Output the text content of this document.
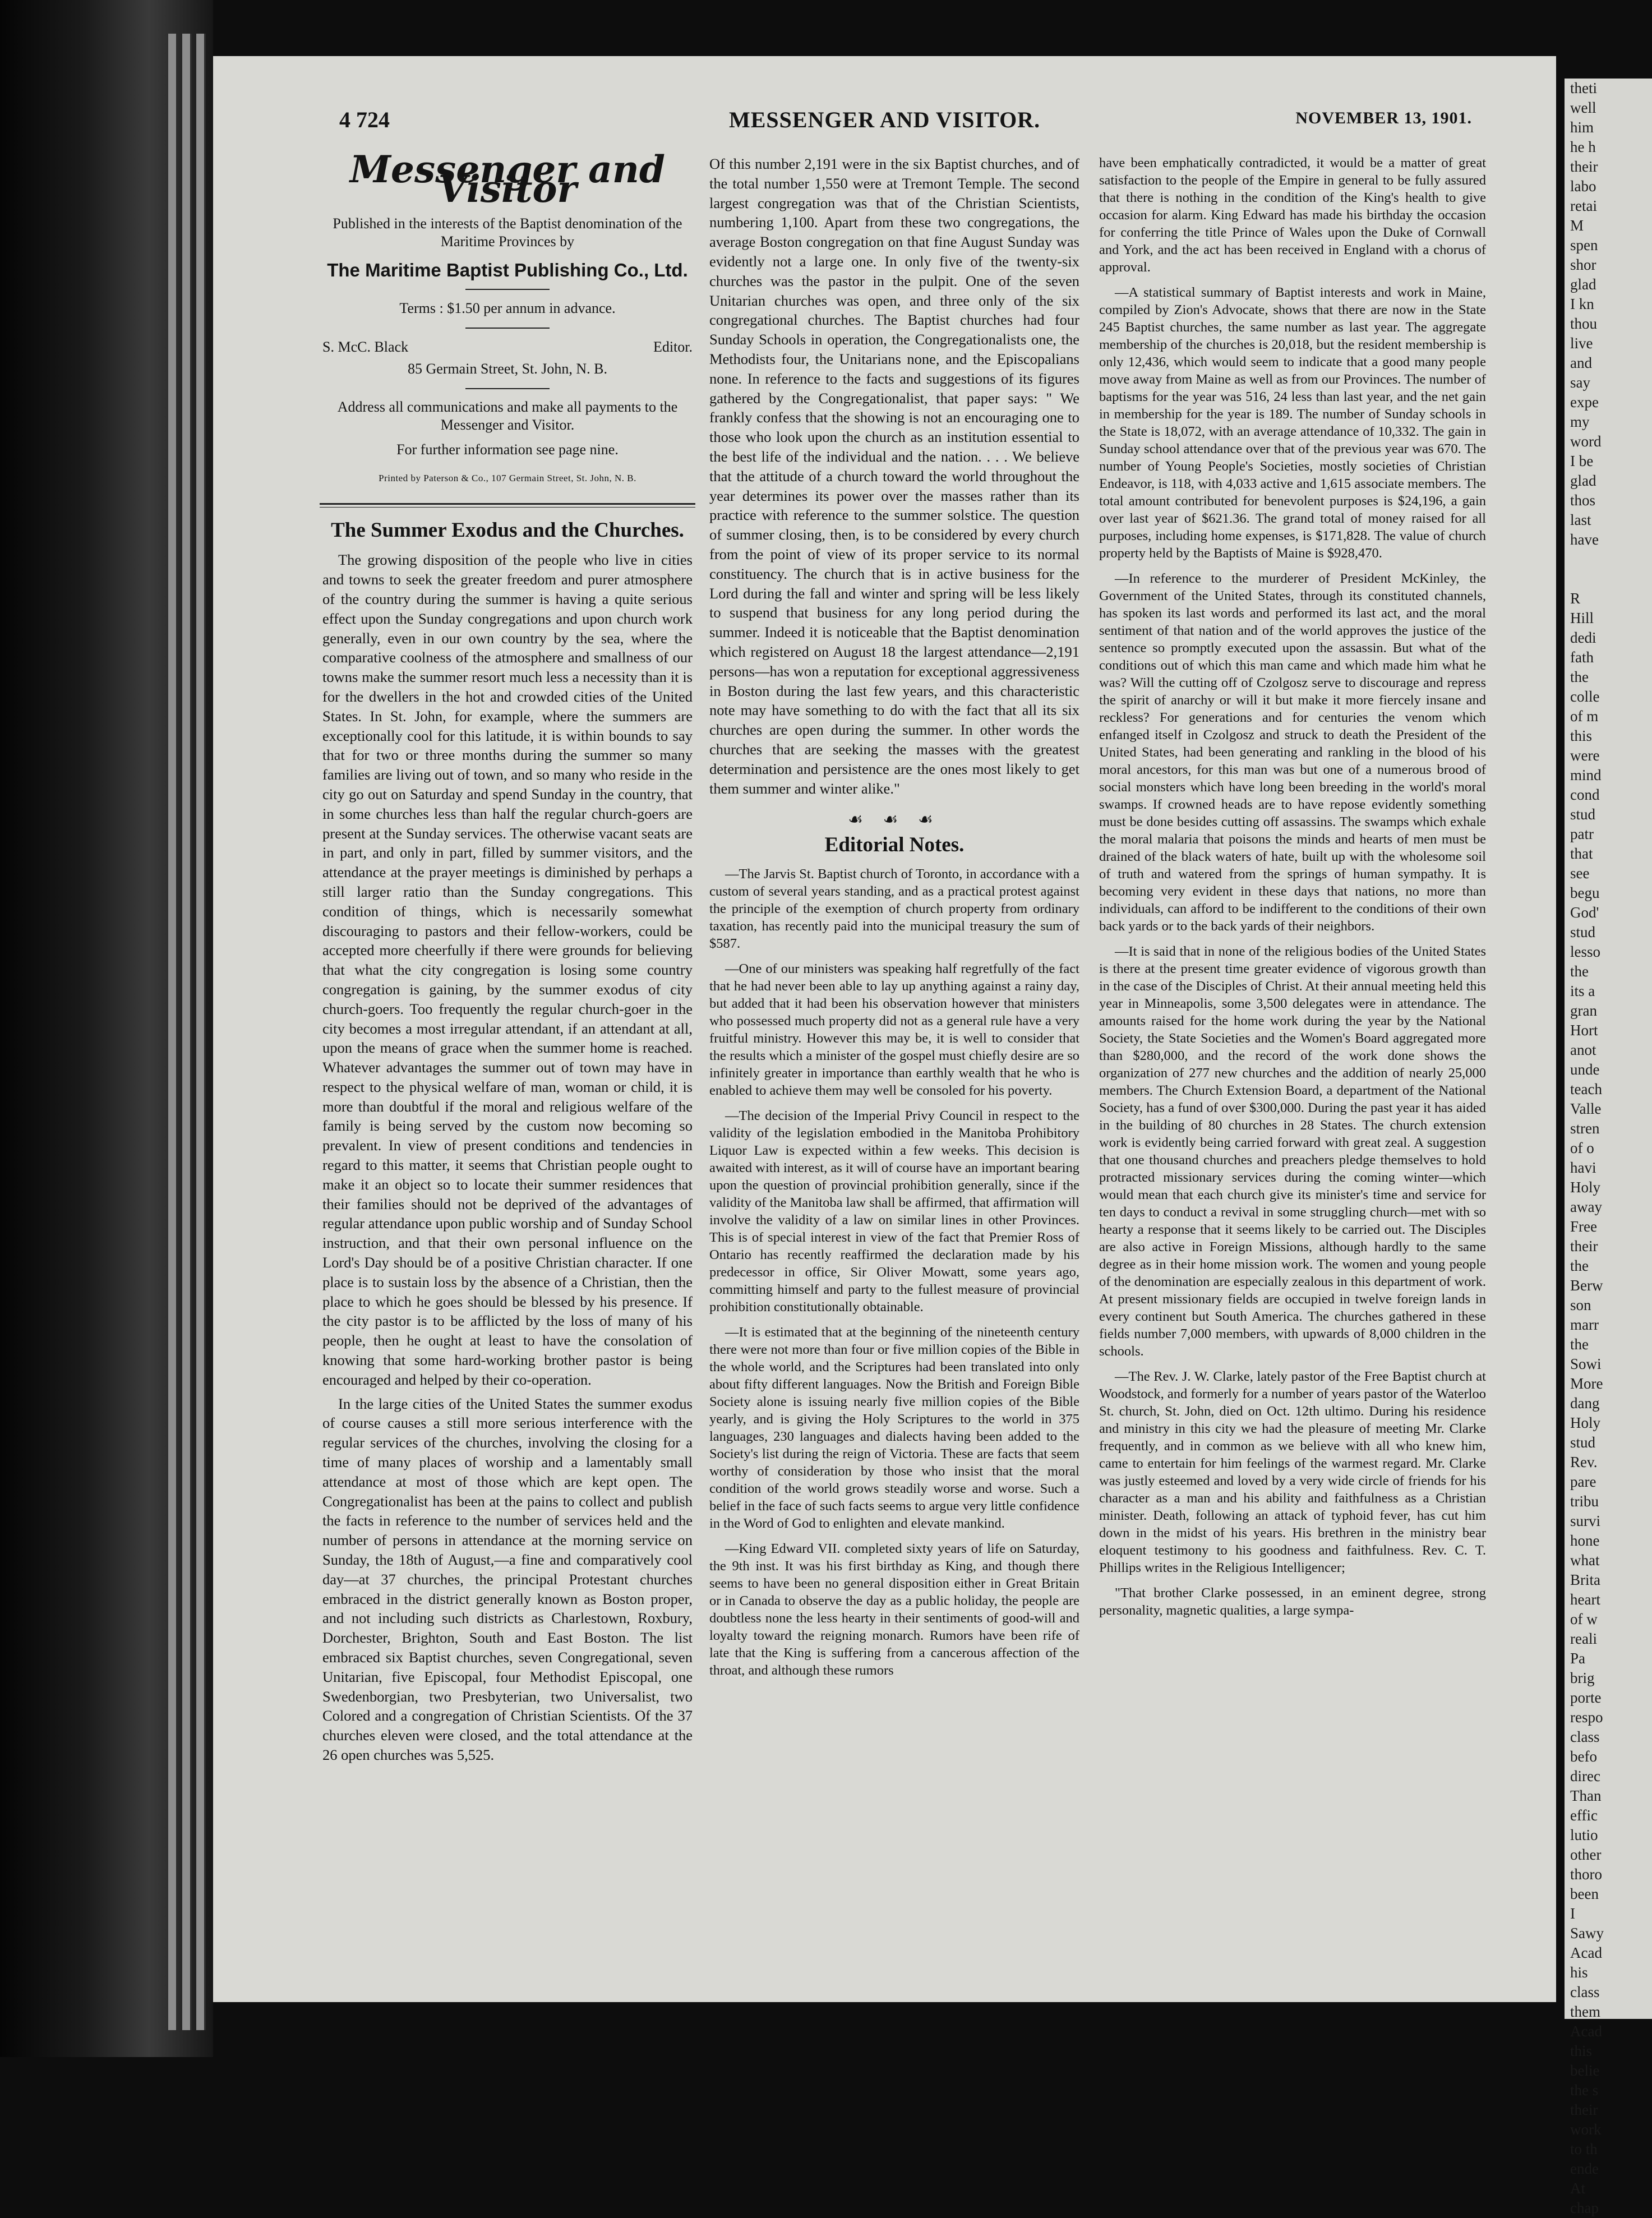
4 724	MESSENGER AND VISITOR.	NOVEMBER 13, 1901.
Messenger and Visitor
Published in the interests of the Baptist denomination of the Maritime Provinces by
The Maritime Baptist Publishing Co., Ltd.
Terms : $1.50 per annum in advance.
S. McC. Black	Editor.
85 Germain Street, St. John, N. B.
Address all communications and make all payments to the Messenger and Visitor.
For further information see page nine.
Printed by Paterson & Co., 107 Germain Street, St. John, N. B.
The Summer Exodus and the Churches.

The growing disposition of the people who live in cities and towns to seek the greater freedom and purer atmosphere of the country during the summer is having a quite serious effect upon the Sunday congregations and upon church work generally, even in our own country by the sea, where the comparative coolness of the atmosphere and smallness of our towns make the summer resort much less a necessity than it is for the dwellers in the hot and crowded cities of the United States. In St. John, for example, where the summers are exceptionally cool for this latitude, it is within bounds to say that for two or three months during the summer so many families are living out of town, and so many who reside in the city go out on Saturday and spend Sunday in the country, that in some churches less than half the regular church-goers are present at the Sunday services. The otherwise vacant seats are in part, and only in part, filled by summer visitors, and the attendance at the prayer meetings is diminished by perhaps a still larger ratio than the Sunday congregations. This condition of things, which is necessarily somewhat discouraging to pastors and their fellow-workers, could be accepted more cheerfully if there were grounds for believing that what the city congregation is losing some country congregation is gaining, by the summer exodus of city church-goers. Too frequently the regular church-goer in the city becomes a most irregular attendant, if an attendant at all, upon the means of grace when the summer home is reached. Whatever advantages the summer out of town may have in respect to the physical welfare of man, woman or child, it is more than doubtful if the moral and religious welfare of the family is being served by the custom now becoming so prevalent. In view of present conditions and tendencies in regard to this matter, it seems that Christian people ought to make it an object so to locate their summer residences that their families should not be deprived of the advantages of regular attendance upon public worship and of Sunday School instruction, and that their own personal influence on the Lord's Day should be of a positive Christian character. If one place is to sustain loss by the absence of a Christian, then the place to which he goes should be blessed by his presence. If the city pastor is to be afflicted by the loss of many of his people, then he ought at least to have the consolation of knowing that some hard-working brother pastor is being encouraged and helped by their co-operation.

In the large cities of the United States the summer exodus of course causes a still more serious interference with the regular services of the churches, involving the closing for a time of many places of worship and a lamentably small attendance at most of those which are kept open. The Congregationalist has been at the pains to collect and publish the facts in reference to the number of services held and the number of persons in attendance at the morning service on Sunday, the 18th of August,—a fine and comparatively cool day—at 37 churches, the principal Protestant churches embraced in the district generally known as Boston proper, and not including such districts as Charlestown, Roxbury, Dorchester, Brighton, South and East Boston. The list embraced six Baptist churches, seven Congregational, seven Unitarian, five Episcopal, four Methodist Episcopal, one Swedenborgian, two Presbyterian, two Universalist, two Colored and a congregation of Christian Scientists. Of the 37 churches eleven were closed, and the total attendance at the 26 open churches was 5,525.

Of this number 2,191 were in the six Baptist churches, and of the total number 1,550 were at Tremont Temple. The second largest congregation was that of the Christian Scientists, numbering 1,100. Apart from these two congregations, the average Boston congregation on that fine August Sunday was evidently not a large one. In only five of the twenty-six churches was the pastor in the pulpit. One of the seven Unitarian churches was open, and three only of the six congregational churches. The Baptist churches had four Sunday Schools in operation, the Congregationalists one, the Methodists four, the Unitarians none, and the Episcopalians none. In reference to the facts and suggestions of its figures gathered by the Congregationalist, that paper says: " We frankly confess that the showing is not an encouraging one to those who look upon the church as an institution essential to the best life of the individual and the nation. . . . We believe that the attitude of a church toward the world throughout the year determines its power over the masses rather than its practice with reference to the summer solstice. The question of summer closing, then, is to be considered by every church from the point of view of its proper service to its normal constituency. The church that is in active business for the Lord during the fall and winter and spring will be less likely to suspend that business for any long period during the summer. Indeed it is noticeable that the Baptist denomination which registered on August 18 the largest attendance—2,191 persons—has won a reputation for exceptional aggressiveness in Boston during the last few years, and this characteristic note may have something to do with the fact that all its six churches are open during the summer. In other words the churches that are seeking the masses with the greatest determination and persistence are the ones most likely to get them summer and winter alike."

☙ ☙ ☙
Editorial Notes.

—The Jarvis St. Baptist church of Toronto, in accordance with a custom of several years standing, and as a practical protest against the principle of the exemption of church property from ordinary taxation, has recently paid into the municipal treasury the sum of $587.

—One of our ministers was speaking half regretfully of the fact that he had never been able to lay up anything against a rainy day, but added that it had been his observation however that ministers who possessed much property did not as a general rule have a very fruitful ministry. However this may be, it is well to consider that the results which a minister of the gospel must chiefly desire are so infinitely greater in importance than earthly wealth that he who is enabled to achieve them may well be consoled for his poverty.

—The decision of the Imperial Privy Council in respect to the validity of the legislation embodied in the Manitoba Prohibitory Liquor Law is expected within a few weeks. This decision is awaited with interest, as it will of course have an important bearing upon the question of provincial prohibition generally, since if the validity of the Manitoba law shall be affirmed, that affirmation will involve the validity of a law on similar lines in other Provinces. This is of special interest in view of the fact that Premier Ross of Ontario has recently reaffirmed the declaration made by his predecessor in office, Sir Oliver Mowatt, some years ago, committing himself and party to the fullest measure of provincial prohibition constitutionally obtainable.

—It is estimated that at the beginning of the nineteenth century there were not more than four or five million copies of the Bible in the whole world, and the Scriptures had been translated into only about fifty different languages. Now the British and Foreign Bible Society alone is issuing nearly five million copies of the Bible yearly, and is giving the Holy Scriptures to the world in 375 languages, 230 languages and dialects having been added to the Society's list during the reign of Victoria. These are facts that seem worthy of consideration by those who insist that the moral condition of the world grows steadily worse and worse. Such a belief in the face of such facts seems to argue very little confidence in the Word of God to enlighten and elevate mankind.

—King Edward VII. completed sixty years of life on Saturday, the 9th inst. It was his first birthday as King, and though there seems to have been no general disposition either in Great Britain or in Canada to observe the day as a public holiday, the people are doubtless none the less hearty in their sentiments of good-will and loyalty toward the reigning monarch. Rumors have been rife of late that the King is suffering from a cancerous affection of the throat, and although these rumors

have been emphatically contradicted, it would be a matter of great satisfaction to the people of the Empire in general to be fully assured that there is nothing in the condition of the King's health to give occasion for alarm. King Edward has made his birthday the occasion for conferring the title Prince of Wales upon the Duke of Cornwall and York, and the act has been received in England with a chorus of approval.

—A statistical summary of Baptist interests and work in Maine, compiled by Zion's Advocate, shows that there are now in the State 245 Baptist churches, the same number as last year. The aggregate membership of the churches is 20,018, but the resident membership is only 12,436, which would seem to indicate that a good many people move away from Maine as well as from our Provinces. The number of baptisms for the year was 516, 24 less than last year, and the net gain in membership for the year is 189. The number of Sunday schools in the State is 18,072, with an average attendance of 10,332. The gain in Sunday school attendance over that of the previous year was 670. The number of Young People's Societies, mostly societies of Christian Endeavor, is 118, with 4,033 active and 1,615 associate members. The total amount contributed for benevolent purposes is $24,196, a gain over last year of $621.36. The grand total of money raised for all purposes, including home expenses, is $171,828. The value of church property held by the Baptists of Maine is $928,470.

—In reference to the murderer of President McKinley, the Government of the United States, through its constituted channels, has spoken its last words and performed its last act, and the moral sentiment of that nation and of the world approves the justice of the sentence so promptly executed upon the assassin. But what of the conditions out of which this man came and which made him what he was? Will the cutting off of Czolgosz serve to discourage and repress the spirit of anarchy or will it but make it more fiercely insane and reckless? For generations and for centuries the venom which enfanged itself in Czolgosz and struck to death the President of the United States, had been generating and rankling in the blood of his moral ancestors, for this man was but one of a numerous brood of social monsters which have long been breeding in the world's moral swamps. If crowned heads are to have repose evidently something must be done besides cutting off assassins. The swamps which exhale the moral malaria that poisons the minds and hearts of men must be drained of the black waters of hate, built up with the wholesome soil of truth and watered from the springs of human sympathy. It is becoming very evident in these days that nations, no more than individuals, can afford to be indifferent to the conditions of their own back yards or to the back yards of their neighbors.

—It is said that in none of the religious bodies of the United States is there at the present time greater evidence of vigorous growth than in the case of the Disciples of Christ. At their annual meeting held this year in Minneapolis, some 3,500 delegates were in attendance. The amounts raised for the home work during the year by the National Society, the State Societies and the Women's Board aggregated more than $280,000, and the record of the work done shows the organization of 277 new churches and the addition of nearly 25,000 members. The Church Extension Board, a department of the National Society, has a fund of over $300,000. During the past year it has aided in the building of 80 churches in 28 States. The church extension work is evidently being carried forward with great zeal. A suggestion that one thousand churches and preachers pledge themselves to hold protracted missionary services during the coming winter—which would mean that each church give its minister's time and service for ten days to conduct a revival in some struggling church—met with so hearty a response that it seems likely to be carried out. The Disciples are also active in Foreign Missions, although hardly to the same degree as in their home mission work. The women and young people of the denomination are especially zealous in this department of work. At present missionary fields are occupied in twelve foreign lands in every continent but South America. The churches gathered in these fields number 7,000 members, with upwards of 8,000 children in the schools.

—The Rev. J. W. Clarke, lately pastor of the Free Baptist church at Woodstock, and formerly for a number of years pastor of the Waterloo St. church, St. John, died on Oct. 12th ultimo. During his residence and ministry in this city we had the pleasure of meeting Mr. Clarke frequently, and in common as we believe with all who knew him, came to entertain for him feelings of the warmest regard. Mr. Clarke was justly esteemed and loved by a very wide circle of friends for his character as a man and his ability and faithfulness as a Christian minister. Death, following an attack of typhoid fever, has cut him down in the midst of his years. His brethren in the ministry bear eloquent testimony to his goodness and faithfulness. Rev. C. T. Phillips writes in the Religious Intelligencer;

"That brother Clarke possessed, in an eminent degree, strong personality, magnetic qualities, a large sympa-

theti
well
him
he h
their
labo
retai
M
spen
shor
glad
I kn
thou
live
and
say
expe
my
word
I be
glad
thos
last
have

R
Hill
dedi
fath
the
colle
of m
this
were
mind
cond
stud
patr
that
see
begu
God'
stud
lesso
the
its a
gran
Hort
anot
unde
teach
Valle
stren
of o
havi
Holy
away
Free
their
the
Berw
son
marr
the
Sowi
More
dang
Holy
stud
Rev.
pare
tribu
survi
hone
what
Brita
heart
of w
reali
Pa
brig
porte
respo
class
befo
direc
Than
effic
lutio
other
thoro
been
I
Sawy
Acad
his
class
them
Acad
this
belie
the s
their
work
to th
ende
At
chap
